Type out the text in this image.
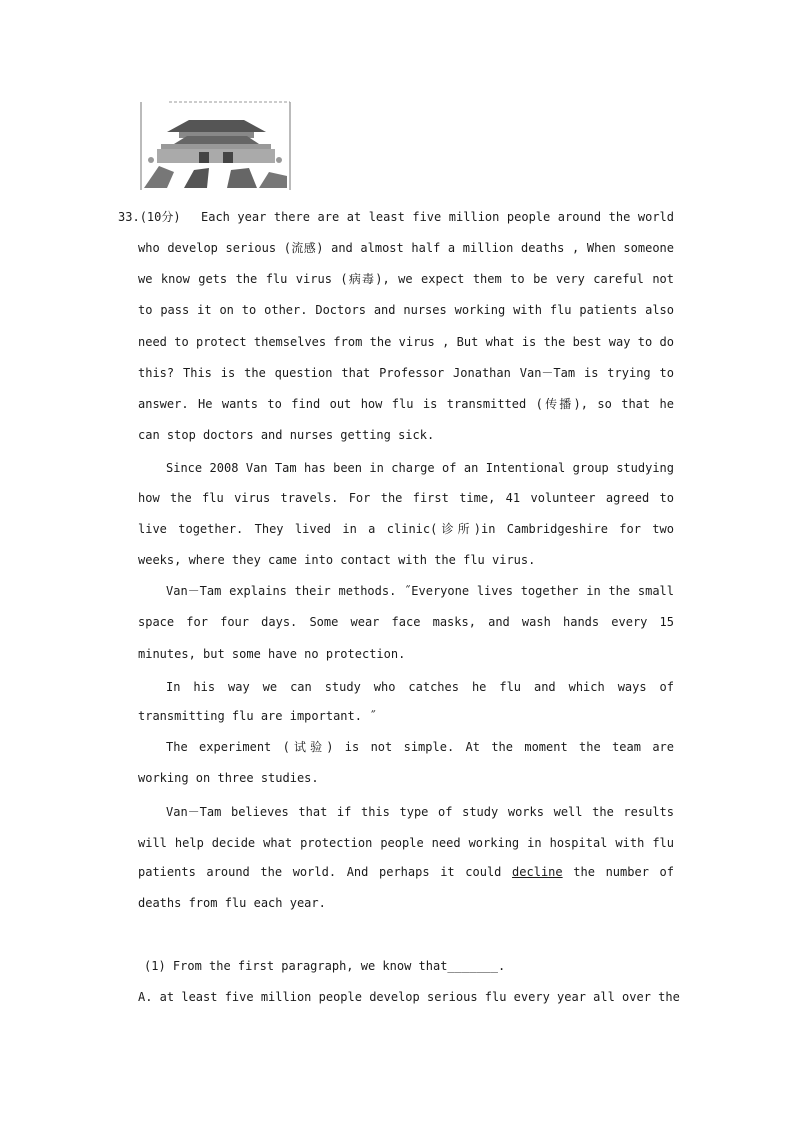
33.(10分) Each year there are at least five million people around the world
who develop serious (流感) and almost half a million deaths , When someone
we know gets the flu virus (病毒), we expect them to be very careful not
to pass it on to other. Doctors and nurses working with flu patients also
need to protect themselves from the virus , But what is the best way to do
this? This is the question that Professor Jonathan Van－Tam is trying to
answer. He wants to find out how flu is transmitted (传播), so that he
can stop doctors and nurses getting sick.
Since 2008 Van Tam has been in charge of an Intentional group studying
how the flu virus travels. For the first time, 41 volunteer agreed to
live together. They lived in a clinic(诊所)in Cambridgeshire for two
weeks, where they came into contact with the flu virus.
Van－Tam explains their methods. ˝Everyone lives together in the small
space for four days. Some wear face masks, and wash hands every 15
minutes, but some have no protection.
In his way we can study who catches he flu and which ways of
transmitting flu are important. ˝
The experiment (试验) is not simple. At the moment the team are
working on three studies.
Van－Tam believes that if this type of study works well the results
will help decide what protection people need working in hospital with flu
patients around the world. And perhaps it could decline the number of
deaths from flu each year.
(1) From the first paragraph, we know that_______.
A. at least five million people develop serious flu every year all over the
